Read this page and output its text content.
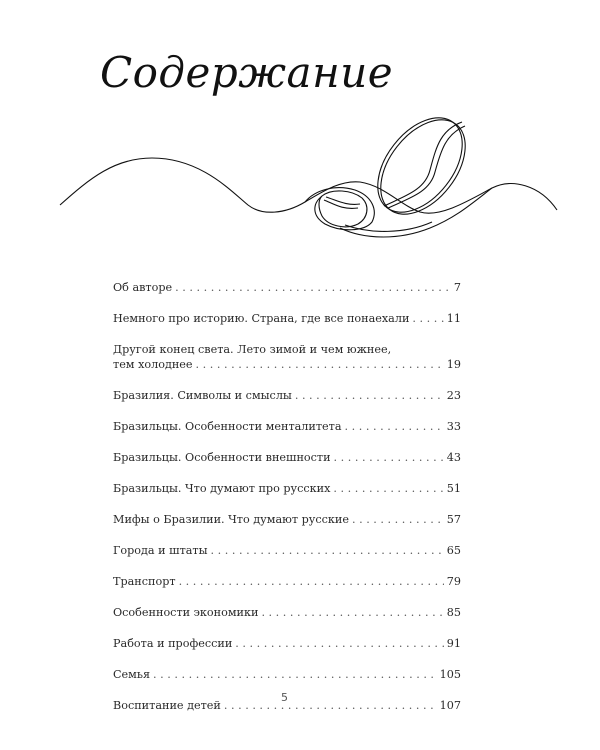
Содержание
Об авторе . . .	7
Немного про историю. Страна, где все понаехали . . .	11
Другой конец света. Лето зимой и чем южнее,
тем холоднее . . .	19
Бразилия. Символы и смыслы . . .	23
Бразильцы. Особенности менталитета . . .	33
Бразильцы. Особенности внешности . . .	43
Бразильцы. Что думают про русских . . .	51
Мифы о Бразилии. Что думают русские . . .	57
Города и штаты . . .	65
Транспорт . . .	79
Особенности экономики . . .	85
Работа и профессии . . .	91
Семья . . .	105
Воспитание детей . . .	107
5
